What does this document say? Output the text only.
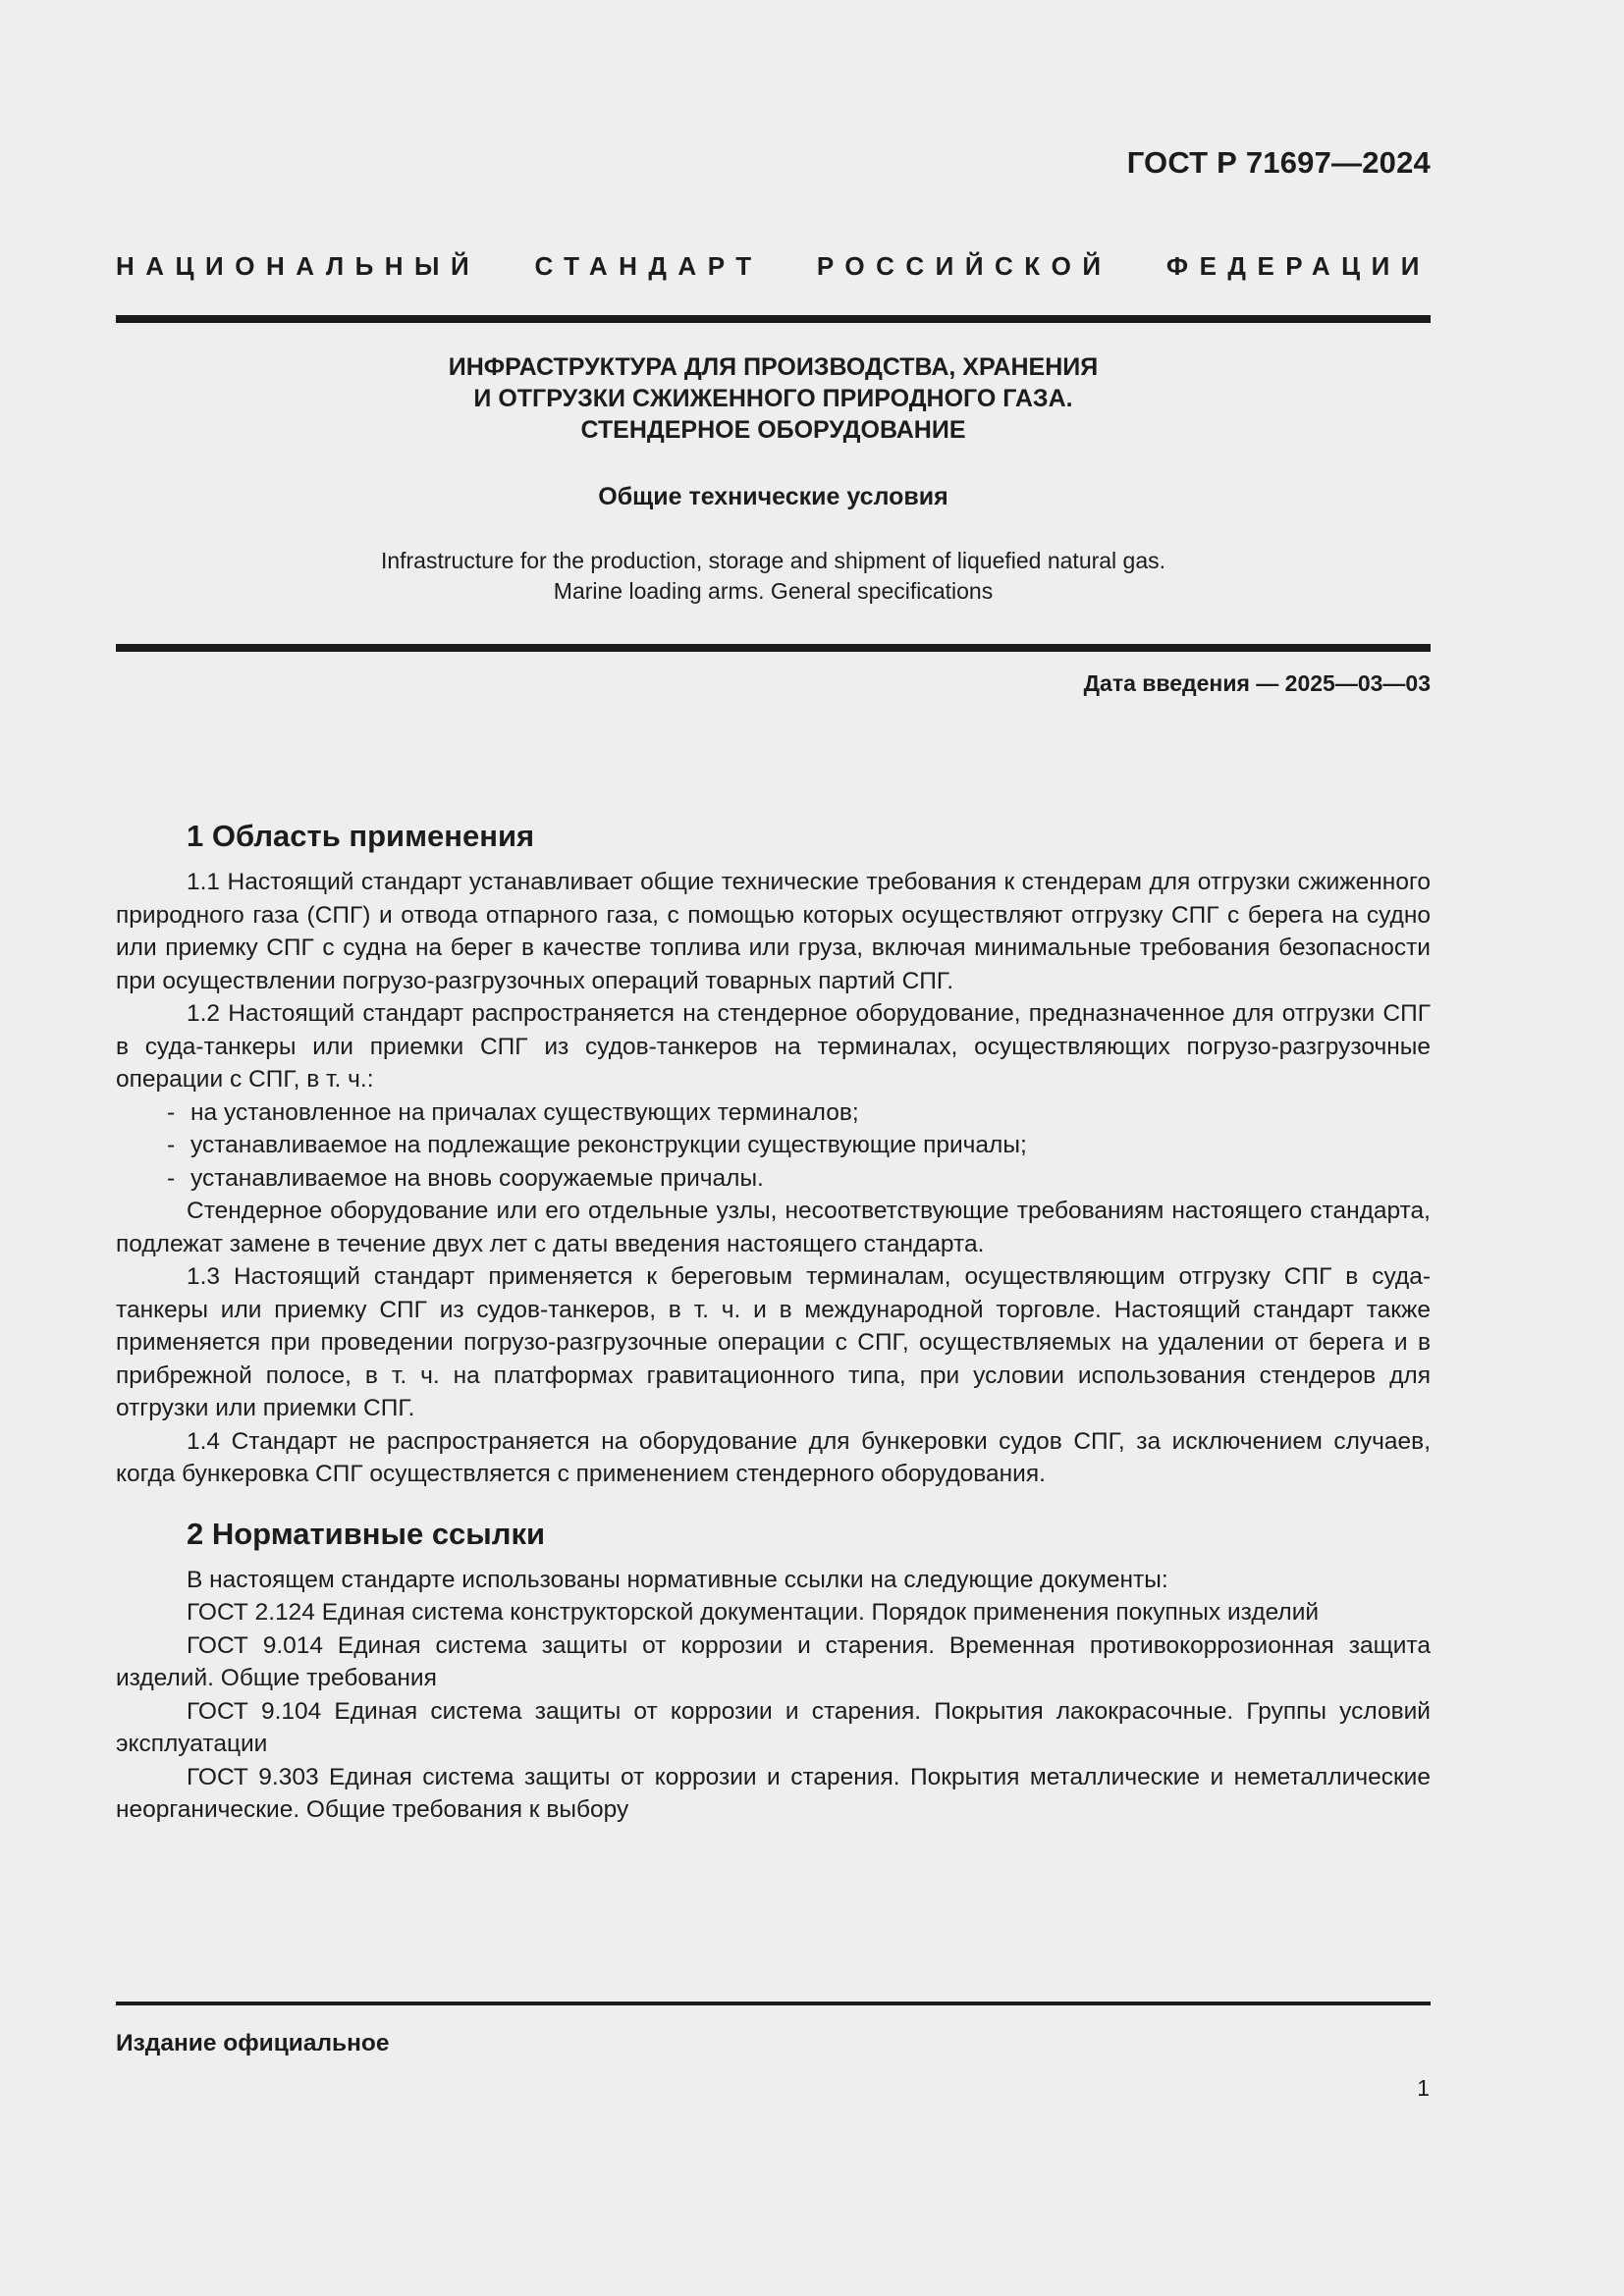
ГОСТ Р 71697—2024
НАЦИОНАЛЬНЫЙ СТАНДАРТ РОССИЙСКОЙ ФЕДЕРАЦИИ
ИНФРАСТРУКТУРА ДЛЯ ПРОИЗВОДСТВА, ХРАНЕНИЯ
И ОТГРУЗКИ СЖИЖЕННОГО ПРИРОДНОГО ГАЗА.
СТЕНДЕРНОЕ ОБОРУДОВАНИЕ
Общие технические условия
Infrastructure for the production, storage and shipment of liquefied natural gas.
Marine loading arms. General specifications
Дата введения — 2025—03—03
1 Область применения

1.1 Настоящий стандарт устанавливает общие технические требования к стендерам для отгрузки сжиженного природного газа (СПГ) и отвода отпарного газа, с помощью которых осуществляют отгрузку СПГ с берега на судно или приемку СПГ с судна на берег в качестве топлива или груза, включая минимальные требования безопасности при осуществлении погрузо-разгрузочных операций товарных партий СПГ.

1.2 Настоящий стандарт распространяется на стендерное оборудование, предназначенное для отгрузки СПГ в суда-танкеры или приемки СПГ из судов-танкеров на терминалах, осуществляющих погрузо-разгрузочные операции с СПГ, в т. ч.:

- на установленное на причалах существующих терминалов;

- устанавливаемое на подлежащие реконструкции существующие причалы;

- устанавливаемое на вновь сооружаемые причалы.

Стендерное оборудование или его отдельные узлы, несоответствующие требованиям настоящего стандарта, подлежат замене в течение двух лет с даты введения настоящего стандарта.

1.3 Настоящий стандарт применяется к береговым терминалам, осуществляющим отгрузку СПГ в суда-танкеры или приемку СПГ из судов-танкеров, в т. ч. и в международной торговле. Настоящий стандарт также применяется при проведении погрузо-разгрузочные операции с СПГ, осуществляемых на удалении от берега и в прибрежной полосе, в т. ч. на платформах гравитационного типа, при условии использования стендеров для отгрузки или приемки СПГ.

1.4 Стандарт не распространяется на оборудование для бункеровки судов СПГ, за исключением случаев, когда бункеровка СПГ осуществляется с применением стендерного оборудования.

2 Нормативные ссылки

В настоящем стандарте использованы нормативные ссылки на следующие документы:

ГОСТ 2.124 Единая система конструкторской документации. Порядок применения покупных изделий

ГОСТ 9.014 Единая система защиты от коррозии и старения. Временная противокоррозионная защита изделий. Общие требования

ГОСТ 9.104 Единая система защиты от коррозии и старения. Покрытия лакокрасочные. Группы условий эксплуатации

ГОСТ 9.303 Единая система защиты от коррозии и старения. Покрытия металлические и неметаллические неорганические. Общие требования к выбору

Издание официальное
1
